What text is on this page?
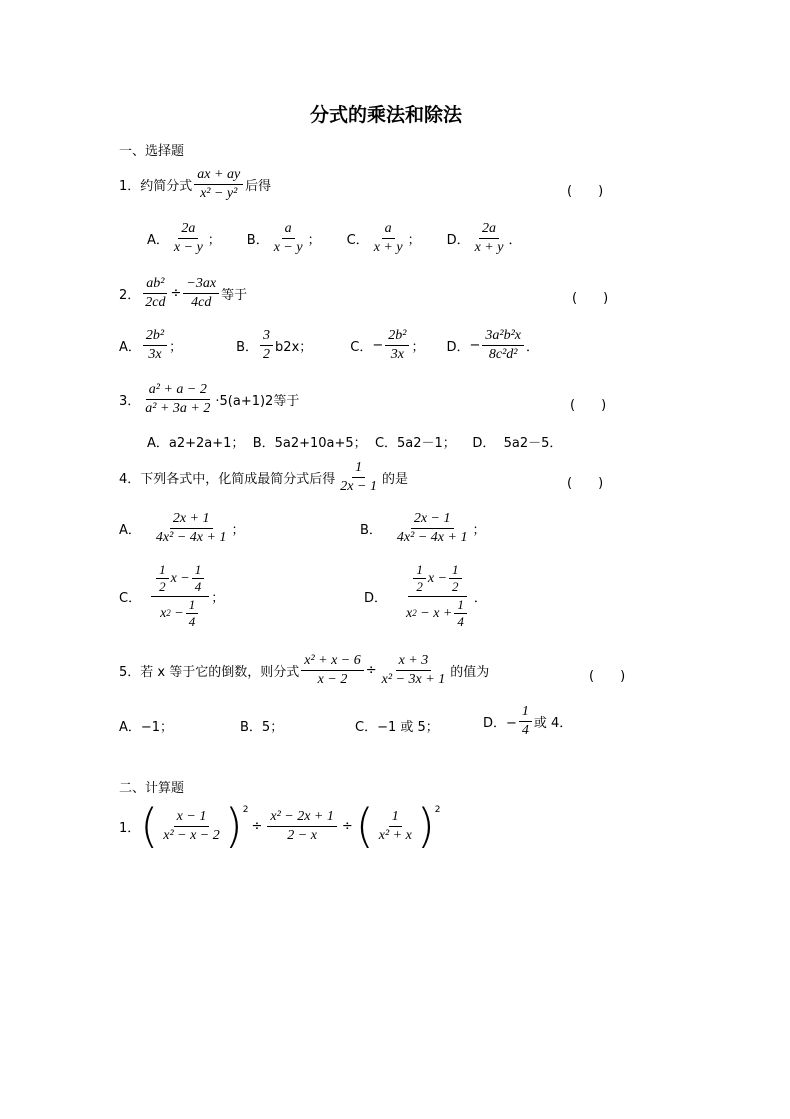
分式的乘法和除法
一、选择题
1．约简分式 $\frac{ax + ay}{\text{x² − y²}}$ 后得	(　　)
A． $\frac{2a}{x - y}$ ； B． $\frac{a}{x - y}$ ； C． $\frac{a}{x + y}$ ； D． $\frac{2a}{x + y}$ ．
2． $\frac{\text{ab²}}{2cd} \div \frac{-3ax}{4cd}$ 等于	(　　)
A． $\frac{\text{2b²}}{3x}$ ；	B． $\frac{3}{2} b2x$；	C． − $\frac{\text{2b²}}{3x}$ ； D． − $\frac{\text{3a²b²x}}{\text{8c²d²}}$ ．
3． $\frac{\text{a² + a − 2}}{\text{a² + 3a + 2}} \cdot 5(a+1)2$等于	(　　)
A．a2+2a+1；  B．5a2+10a+5；  C．5a2－1；    D．  5a2－5．
4．下列各式中，化简成最简分式后得 $\frac{1}{2x - 1}$ 的是	(　　)
A． $\frac{2x + 1}{\text{4x² − 4x + 1}}$ ；	B． $\frac{2x - 1}{\text{4x² − 4x + 1}}$ ；
C． $\frac{\frac{1}{2} x - \frac{1}{4}}{x 2 - \frac{1}{4}}$ ；	D． $\frac{\frac{1}{2} x - \frac{1}{2}}{x 2 - x + \frac{1}{4}}$ ．
5．若 x 等于它的倒数，则分式 $\frac{\text{x² + x − 6}}{x - 2} \div \frac{x + 3}{\text{x² − 3x + 1}}$ 的值为	(　　)
A．−1；	B．5；	C．−1 或 5；	D．− $\frac{1}{4}$ 或 4．
二、计算题
1． ( $\frac{x - 1}{\text{x² − x − 2}} )^2$
÷ $\frac{\text{x² − 2x + 1}}{2 - x}$ ÷ ( $\frac{1}{\text{x² + x}} )^2$
